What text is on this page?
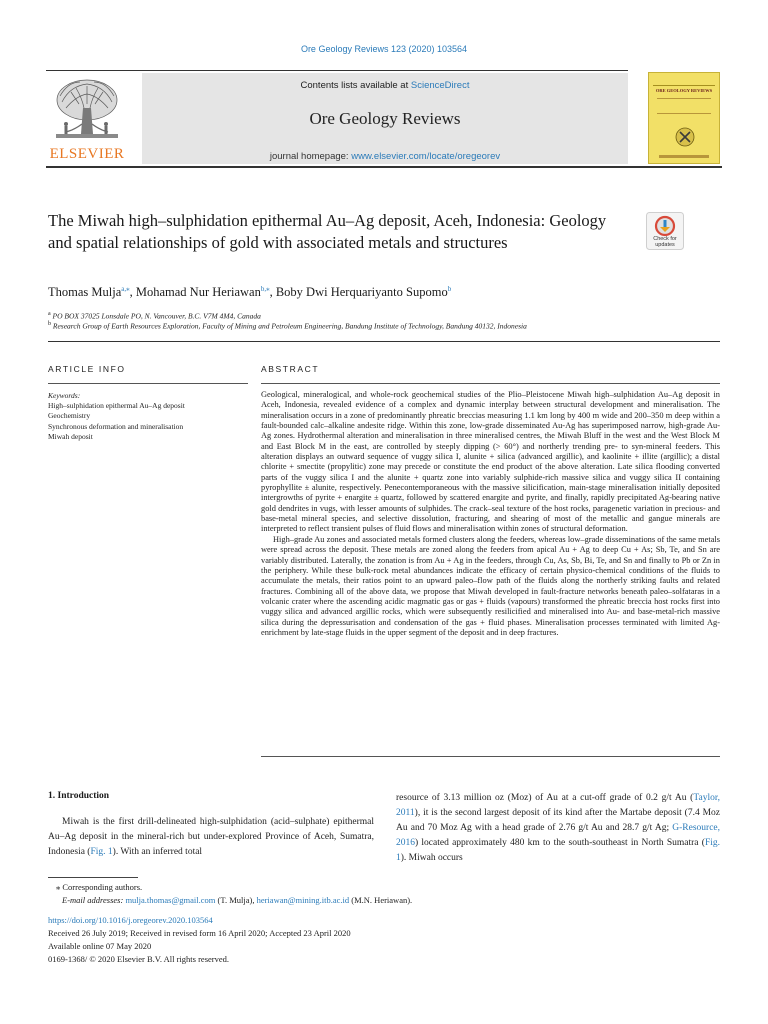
Ore Geology Reviews 123 (2020) 103564
ELSEVIER
Contents lists available at ScienceDirect
Ore Geology Reviews
journal homepage: www.elsevier.com/locate/oregeorev
ORE GEOLOGY REVIEWS
The Miwah high–sulphidation epithermal Au–Ag deposit, Aceh, Indonesia: Geology and spatial relationships of gold with associated metals and structures	Check for updates
Thomas Mulja$^{a,⁎}$, Mohamad Nur Heriawan$^{b,⁎}$, Boby Dwi Herquariyanto Supomo$^b$
$^a$ PO BOX 37025 Lonsdale PO, N. Vancouver, B.C. V7M 4M4, Canada
$^b$ Research Group of Earth Resources Exploration, Faculty of Mining and Petroleum Engineering, Bandung Institute of Technology, Bandung 40132, Indonesia
ARTICLE INFO
Keywords:
High–sulphidation epithermal Au–Ag deposit
Geochemistry
Synchronous deformation and mineralisation
Miwah deposit
ABSTRACT

Geological, mineralogical, and whole-rock geochemical studies of the Plio–Pleistocene Miwah high–sulphidation Au–Ag deposit in Aceh, Indonesia, revealed evidence of a complex and dynamic interplay between structural development and mineralisation. The mineralisation occurs in a zone of predominantly phreatic breccias measuring 1.1 km long by 400 m wide and 200–350 m deep within a fault-bounded calc–alkaline andesite ridge. Within this zone, low-grade disseminated Au-Ag has superimposed narrow, high-grade Au-Ag zones. Hydrothermal alteration and mineralisation in three mineralised centres, the Miwah Bluff in the west and the West Block M and East Block M in the east, are controlled by steeply dipping (> 60°) and northerly trending pre- to syn-mineral feeders. This alteration displays an outward sequence of vuggy silica I, alunite + silica (advanced argillic), and kaolinite + illite (argillic); a distal chlorite + smectite (propylitic) zone may precede or constitute the end product of the above alteration. Late silica flooding converted parts of the vuggy silica I and the alunite + quartz zone into variably sulphide-rich massive silica and vuggy silica II containing pyrophyllite ± alunite, respectively. Penecontemporaneous with the massive silicification, main-stage mineralisation initially deposited intergrowths of pyrite + enargite ± quartz, followed by scattered enargite and pyrite, and finally, rapidly precipitated Ag-bearing native gold dendrites in vugs, with lesser amounts of sulphides. The crack–seal texture of the host rocks, paragenetic variation in precious- and base-metal mineral species, and selective dissolution, fracturing, and shearing of most of the metallic and gangue minerals are interpreted to reflect transient pulses of fluid flows and mineralisation within zones of structural deformation.

High–grade Au zones and associated metals formed clusters along the feeders, whereas low–grade disseminations of the same metals were spread across the deposit. These metals are zoned along the feeders from apical Au + Ag to deep Cu + As; Sb, Te, and Sn are variably distributed. Laterally, the zonation is from Au + Ag in the feeders, through Cu, As, Sb, Bi, Te, and Sn and finally to Pb or Zn in the periphery. While these bulk-rock metal abundances indicate the efficacy of certain physico-chemical conditions of the fluids to accumulate the metals, their ratios point to an upward paleo–flow path of the fluids along the northerly striking faults and related fractures. Combining all of the above data, we propose that Miwah developed in fault-fracture networks beneath paleo–solfataras in a volcanic crater where the ascending acidic magmatic gas or gas + fluids (vapours) transformed the phreatic breccia host rocks first into vuggy silica and advanced argillic rocks, which were subsequently resilicified and mineralised into Au- and base-metal-rich massive silica during the depressurisation and condensation of the gas + fluid phases. Mineralisation processes terminated with limited Ag-enrichment by late-stage fluids in the upper segment of the deposit and in deep fractures.

1. Introduction

Miwah is the first drill-delineated high-sulphidation (acid–sulphate) epithermal Au–Ag deposit in the mineral-rich but under-explored Province of Aceh, Sumatra, Indonesia (Fig. 1). With an inferred total

resource of 3.13 million oz (Moz) of Au at a cut-off grade of 0.2 g/t Au (Taylor, 2011), it is the second largest deposit of its kind after the Martabe deposit (7.4 Moz Au and 70 Moz Ag with a head grade of 2.76 g/t Au and 28.7 g/t Ag; G-Resource, 2016) located approximately 480 km to the south-southeast in North Sumatra (Fig. 1). Miwah occurs

⁎ Corresponding authors.
E-mail addresses: mulja.thomas@gmail.com (T. Mulja), heriawan@mining.itb.ac.id (M.N. Heriawan).
https://doi.org/10.1016/j.oregeorev.2020.103564
Received 26 July 2019; Received in revised form 16 April 2020; Accepted 23 April 2020
Available online 07 May 2020
0169-1368/ © 2020 Elsevier B.V. All rights reserved.
